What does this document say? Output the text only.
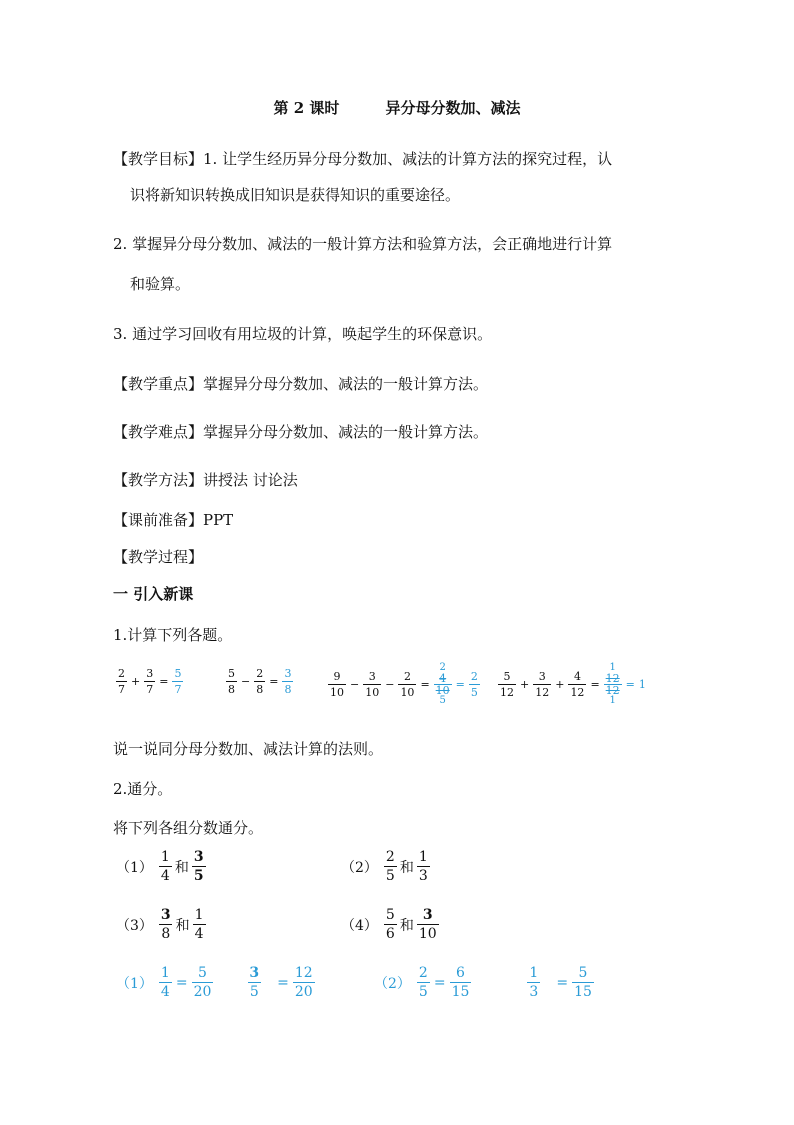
第 2 课时	异分母分数加、减法
【教学目标】1. 让学生经历异分母分数加、减法的计算方法的探究过程，认
识将新知识转换成旧知识是获得知识的重要途径。
2. 掌握异分母分数加、减法的一般计算方法和验算方法，会正确地进行计算
和验算。
3. 通过学习回收有用垃圾的计算，唤起学生的环保意识。
【教学重点】掌握异分母分数加、减法的一般计算方法。
【教学难点】掌握异分母分数加、减法的一般计算方法。
【教学方法】讲授法 讨论法
【课前准备】PPT
【教学过程】
一 引入新课
1.计算下列各题。
$\frac{2}{7} + \frac{3}{7} = \frac{5}{7}$	$\frac{5}{8} - \frac{2}{8} = \frac{3}{8}$	$\frac{9}{10} - \frac{3}{10} - \frac{2}{10}$ =
2
4
10
5
= $\frac{2}{5} \frac{5}{12} + \frac{3}{12} + \frac{4}{12}$ =
1
12
12
1
= 1
说一说同分母分数加、减法计算的法则。
2.通分。
将下列各组分数通分。
$(1) \frac{1}{4}$ 和 $\frac{3}{5}$	$(2) \frac{2}{5}$ 和 $\frac{1}{3}$
$(3) \frac{3}{8}$ 和 $\frac{1}{4}$	$(4) \frac{5}{6}$ 和 $\frac{3}{10}$
$(1) \frac{1}{4} = \frac{5}{20} \frac{3}{5} = \frac{12}{20}$	$(2) \frac{2}{5} = \frac{6}{15}$	$\frac{1}{3} = \frac{5}{15}$
